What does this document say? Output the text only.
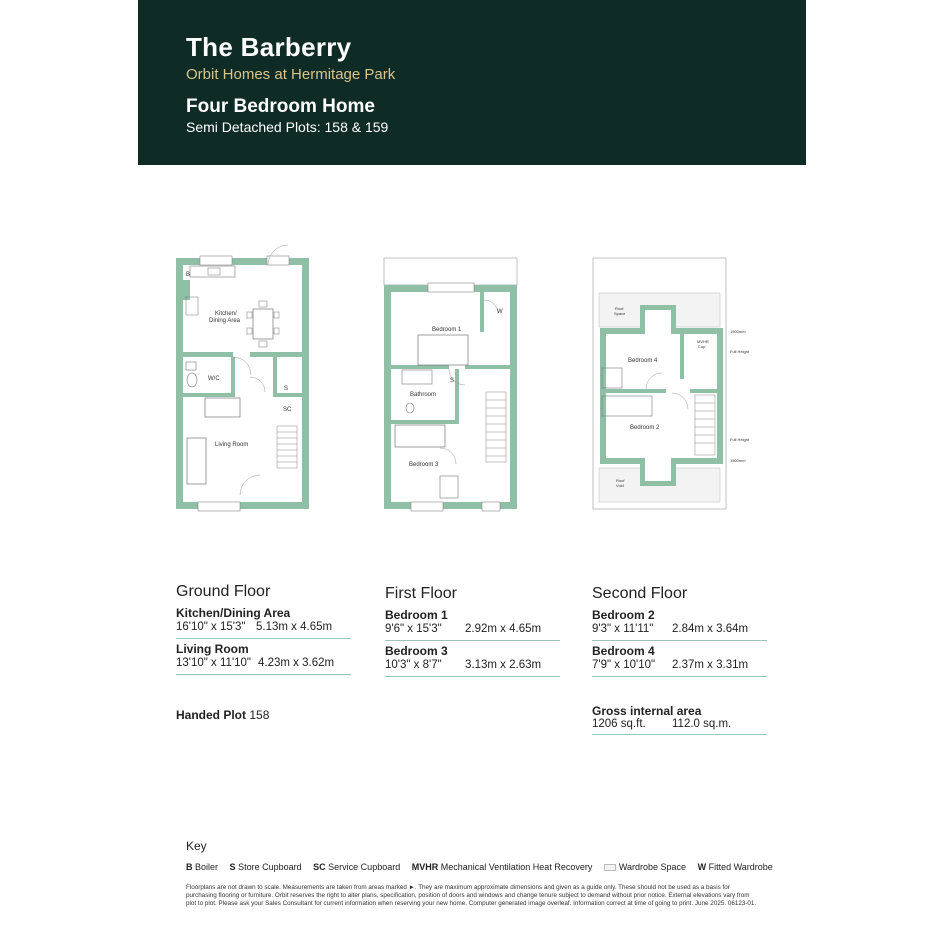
The Barberry
Orbit Homes at Hermitage Park
Four Bedroom Home
Semi Detached Plots: 158 & 159
B
Kitchen/
Dining Area
W/C
S
SC
Living Room
Bedroom 1
W
S
Bathroom
Bedroom 3
Roof
Space
1500mm
MVHR
Cup'
Full Height
Bedroom 4
Bedroom 2
Full Height
1500mm
Roof
Void
Ground Floor
Kitchen/Dining Area
16'10" x 15'3" 5.13m x 4.65m
Living Room
13'10" x 11'10" 4.23m x 3.62m
First Floor
Bedroom 1
9'6" x 15'3" 2.92m x 4.65m
Bedroom 3
10'3" x 8'7" 3.13m x 2.63m
Second Floor
Bedroom 2
9'3" x 11'11" 2.84m x 3.64m
Bedroom 4
7'9" x 10'10" 2.37m x 3.31m
Handed Plot 158	Gross internal area
1206 sq.ft. 112.0 sq.m.
Key
B Boiler S Store Cupboard SC Service Cupboard MVHR Mechanical Ventilation Heat Recovery	Wardrobe Space W Fitted Wardrobe
Floorplans are not drawn to scale. Measurements are taken from areas marked ►. They are maximum approximate dimensions and given as a guide only. These should not be used as a basis for purchasing flooring or furniture. Orbit reserves the right to alter plans, specification, position of doors and windows and change tenure subject to demand without prior notice. External elevations vary from plot to plot. Please ask your Sales Consultant for current information when reserving your new home. Computer generated image overleaf. Information correct at time of going to print. June 2025. 06123-01.
